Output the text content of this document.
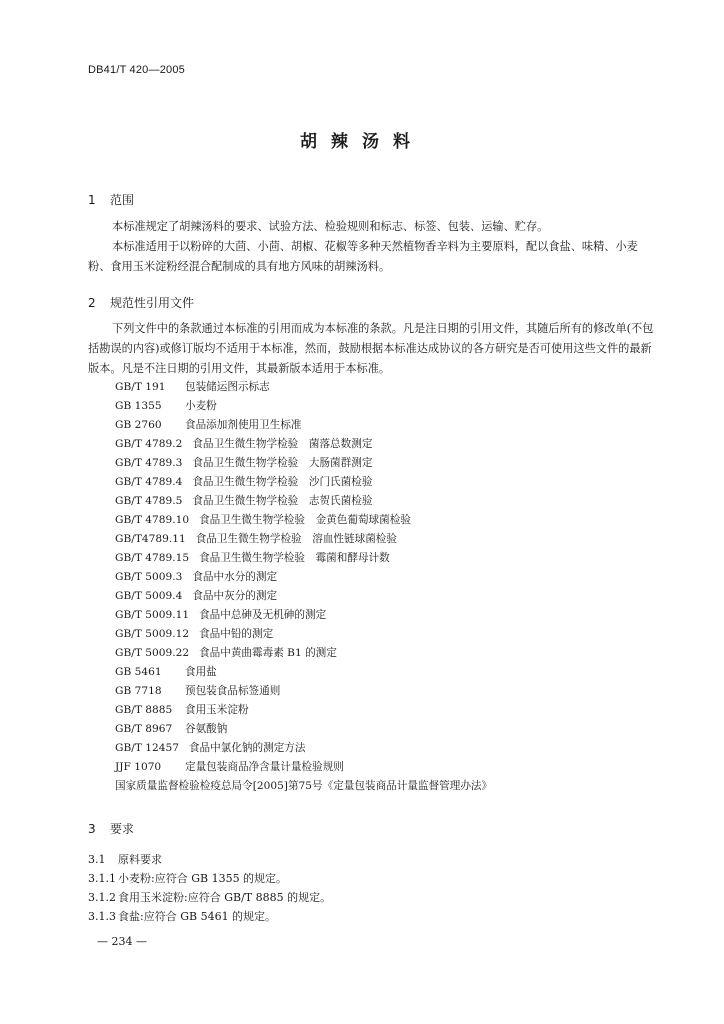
DB41/T 420—2005
胡辣汤料
1 范围

本标准规定了胡辣汤料的要求、试验方法、检验规则和标志、标签、包装、运输、贮存。

本标准适用于以粉碎的大茴、小茴、胡椒、花椒等多种天然植物香辛料为主要原料，配以食盐、味精、小麦粉、食用玉米淀粉经混合配制成的具有地方风味的胡辣汤料。

2 规范性引用文件

下列文件中的条款通过本标准的引用而成为本标准的条款。凡是注日期的引用文件，其随后所有的修改单(不包括勘误的内容)或修订版均不适用于本标准，然而，鼓励根据本标准达成协议的各方研究是否可使用这些文件的最新版本。凡是不注日期的引用文件，其最新版本适用于本标准。

GB/T 191 包装储运图示标志
GB 1355 小麦粉
GB 2760 食品添加剂使用卫生标准
GB/T 4789.2 食品卫生微生物学检验　菌落总数测定
GB/T 4789.3 食品卫生微生物学检验　大肠菌群测定
GB/T 4789.4 食品卫生微生物学检验　沙门氏菌检验
GB/T 4789.5 食品卫生微生物学检验　志贺氏菌检验
GB/T 4789.10 食品卫生微生物学检验　金黄色葡萄球菌检验
GB/T4789.11 食品卫生微生物学检验　溶血性链球菌检验
GB/T 4789.15 食品卫生微生物学检验　霉菌和酵母计数
GB/T 5009.3 食品中水分的测定
GB/T 5009.4 食品中灰分的测定
GB/T 5009.11 食品中总砷及无机砷的测定
GB/T 5009.12 食品中铅的测定
GB/T 5009.22 食品中黄曲霉毒素 B1 的测定
GB 5461 食用盐
GB 7718 预包装食品标签通则
GB/T 8885 食用玉米淀粉
GB/T 8967 谷氨酸钠
GB/T 12457 食品中氯化钠的测定方法
JJF 1070 定量包装商品净含量计量检验规则
国家质量监督检验检疫总局令[2005]第75号《定量包装商品计量监督管理办法》
3 要求
3.1 原料要求
3.1.1 小麦粉:应符合 GB 1355 的规定。
3.1.2 食用玉米淀粉:应符合 GB/T 8885 的规定。
3.1.3 食盐:应符合 GB 5461 的规定。
— 234 —
